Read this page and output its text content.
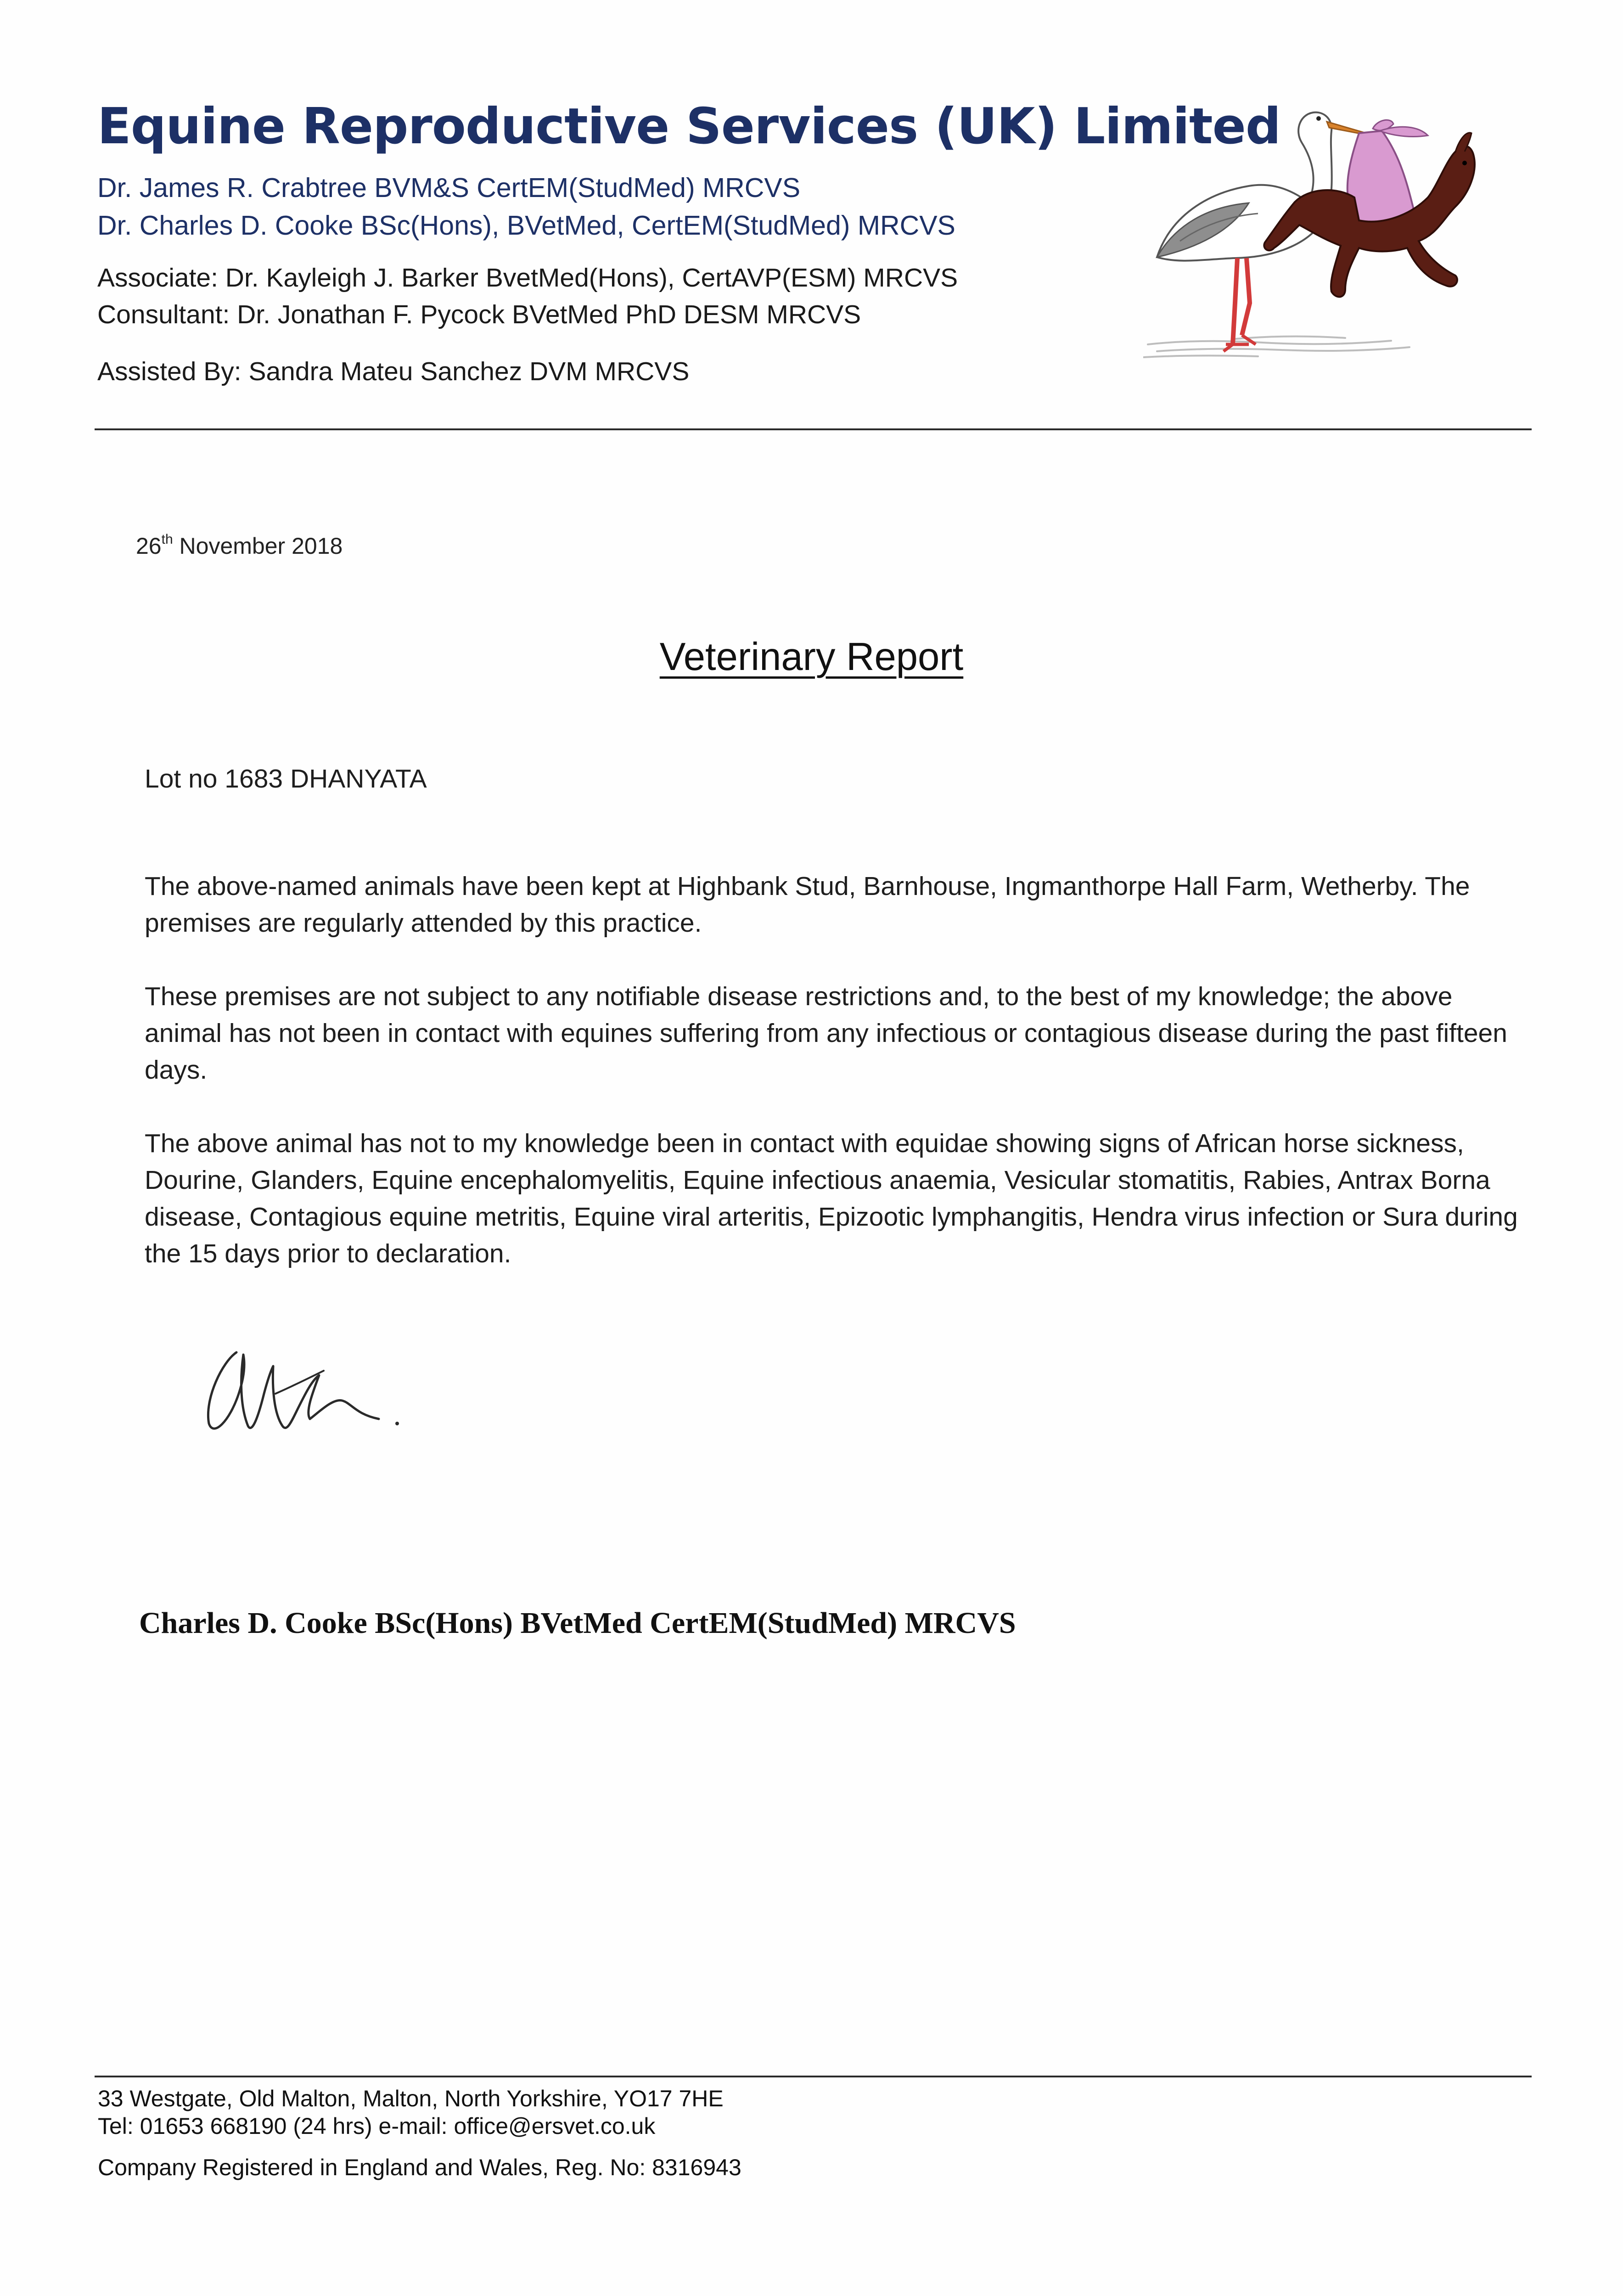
Equine Reproductive Services (UK) Limited
Dr. James R. Crabtree BVM&S CertEM(StudMed) MRCVS
Dr. Charles D. Cooke BSc(Hons), BVetMed, CertEM(StudMed) MRCVS
Associate: Dr. Kayleigh J. Barker BvetMed(Hons), CertAVP(ESM) MRCVS
Consultant: Dr. Jonathan F. Pycock BVetMed PhD DESM MRCVS
Assisted By: Sandra Mateu Sanchez DVM MRCVS
26th November 2018
Veterinary Report
Lot no 1683 DHANYATA
The above-named animals have been kept at Highbank Stud, Barnhouse, Ingmanthorpe Hall Farm, Wetherby. The premises are regularly attended by this practice.
These premises are not subject to any notifiable disease restrictions and, to the best of my knowledge; the above animal has not been in contact with equines suffering from any infectious or contagious disease during the past fifteen days.
The above animal has not to my knowledge been in contact with equidae showing signs of African horse sickness, Dourine, Glanders, Equine encephalomyelitis, Equine infectious anaemia, Vesicular stomatitis, Rabies, Antrax Borna disease, Contagious equine metritis, Equine viral arteritis, Epizootic lymphangitis, Hendra virus infection or Sura during the 15 days prior to declaration.
Charles D. Cooke BSc(Hons) BVetMed CertEM(StudMed) MRCVS
33 Westgate, Old Malton, Malton, North Yorkshire, YO17 7HE
Tel: 01653 668190 (24 hrs) e-mail: office@ersvet.co.uk
Company Registered in England and Wales, Reg. No: 8316943
